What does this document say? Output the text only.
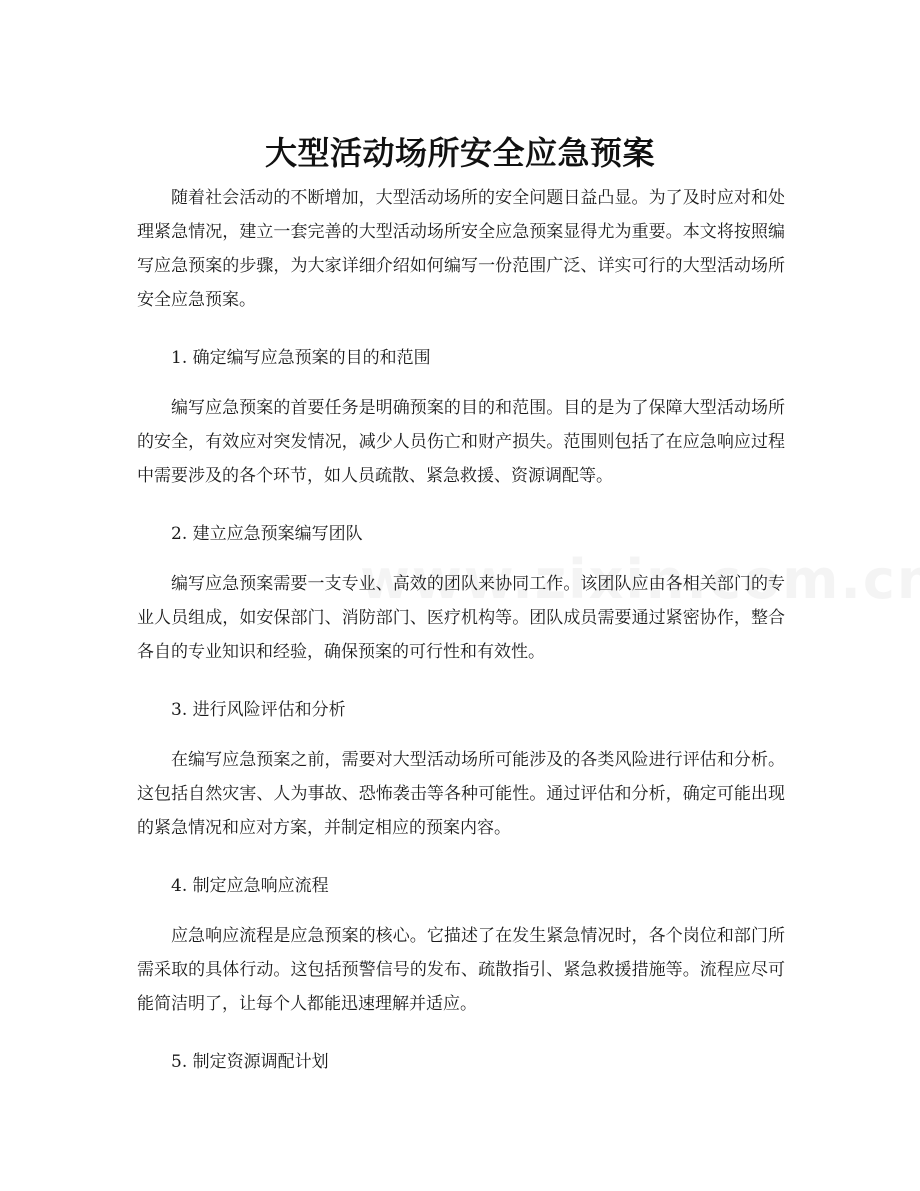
大型活动场所安全应急预案

随着社会活动的不断增加，大型活动场所的安全问题日益凸显。为了及时应对和处理紧急情况，建立一套完善的大型活动场所安全应急预案显得尤为重要。本文将按照编写应急预案的步骤，为大家详细介绍如何编写一份范围广泛、详实可行的大型活动场所安全应急预案。

1. 确定编写应急预案的目的和范围

编写应急预案的首要任务是明确预案的目的和范围。目的是为了保障大型活动场所的安全，有效应对突发情况，减少人员伤亡和财产损失。范围则包括了在应急响应过程中需要涉及的各个环节，如人员疏散、紧急救援、资源调配等。

2. 建立应急预案编写团队

编写应急预案需要一支专业、高效的团队来协同工作。该团队应由各相关部门的专业人员组成，如安保部门、消防部门、医疗机构等。团队成员需要通过紧密协作，整合各自的专业知识和经验，确保预案的可行性和有效性。

3. 进行风险评估和分析

在编写应急预案之前，需要对大型活动场所可能涉及的各类风险进行评估和分析。这包括自然灾害、人为事故、恐怖袭击等各种可能性。通过评估和分析，确定可能出现的紧急情况和应对方案，并制定相应的预案内容。

4. 制定应急响应流程

应急响应流程是应急预案的核心。它描述了在发生紧急情况时，各个岗位和部门所需采取的具体行动。这包括预警信号的发布、疏散指引、紧急救援措施等。流程应尽可能简洁明了，让每个人都能迅速理解并适应。

5. 制定资源调配计划
